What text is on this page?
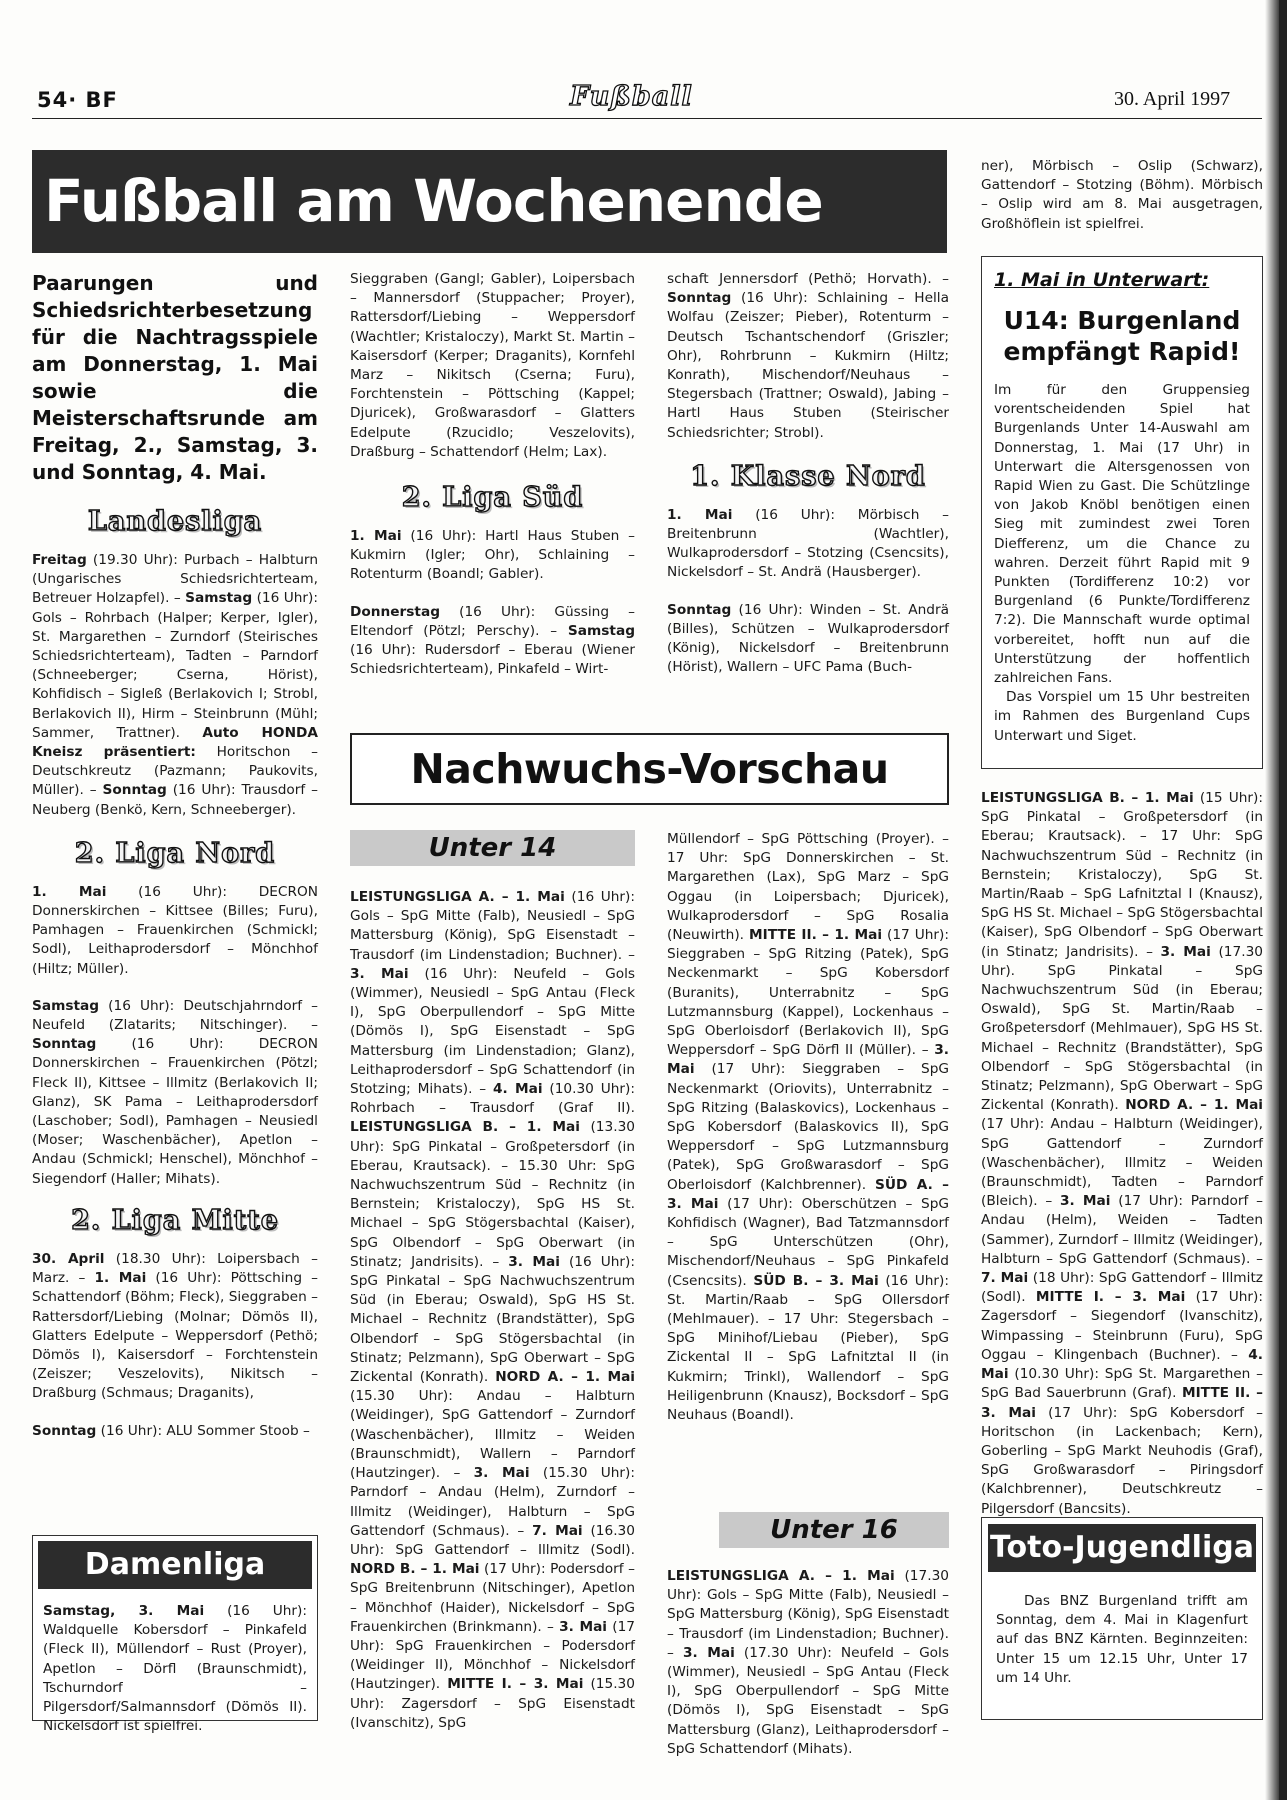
54· BF	Fußball	30. April 1997
Fußball am Wochenende
Paarungen und Schiedsrichterbesetzung für die Nachtragsspiele am Donnerstag, 1. Mai sowie die Meisterschaftsrunde am Freitag, 2., Samstag, 3. und Sonntag, 4. Mai.
Landesliga

Freitag (19.30 Uhr): Purbach – Halbturn (Ungarisches Schiedsrichterteam, Betreuer Holzapfel). – Samstag (16 Uhr): Gols – Rohrbach (Halper; Kerper, Igler), St. Margarethen – Zurndorf (Steirisches Schiedsrichterteam), Tadten – Parndorf (Schneeberger; Cserna, Hörist), Kohfidisch – Sigleß (Berlakovich I; Strobl, Berlakovich II), Hirm – Steinbrunn (Mühl; Sammer, Trattner). Auto HONDA Kneisz präsentiert: Horitschon – Deutschkreutz (Pazmann; Paukovits, Müller). – Sonntag (16 Uhr): Trausdorf – Neuberg (Benkö, Kern, Schneeberger).

2. Liga Nord

1. Mai (16 Uhr): DECRON Donnerskirchen – Kittsee (Billes; Furu), Pamhagen – Frauenkirchen (Schmickl; Sodl), Leithaprodersdorf – Mönchhof (Hiltz; Müller).

Samstag (16 Uhr): Deutschjahrndorf – Neufeld (Zlatarits; Nitschinger). – Sonntag (16 Uhr): DECRON Donnerskirchen – Frauenkirchen (Pötzl; Fleck II), Kittsee – Illmitz (Berlakovich II; Glanz), SK Pama – Leithaprodersdorf (Laschober; Sodl), Pamhagen – Neusiedl (Moser; Waschenbächer), Apetlon – Andau (Schmickl; Henschel), Mönchhof – Siegendorf (Haller; Mihats).

2. Liga Mitte

30. April (18.30 Uhr): Loipersbach – Marz. – 1. Mai (16 Uhr): Pöttsching – Schattendorf (Böhm; Fleck), Sieggraben – Rattersdorf/Liebing (Molnar; Dömös II), Glatters Edelpute – Weppersdorf (Pethö; Dömös I), Kaisersdorf – Forchtenstein (Zeiszer; Veszelovits), Nikitsch – Draßburg (Schmaus; Draganits),

Sonntag (16 Uhr): ALU Sommer Stoob –

Damenliga

Samstag, 3. Mai (16 Uhr): Waldquelle Kobersdorf – Pinkafeld (Fleck II), Müllendorf – Rust (Proyer), Apetlon – Dörfl (Braunschmidt), Tschurndorf – Pilgersdorf/Salmannsdorf (Dömös II). Nickelsdorf ist spielfrei.

Sieggraben (Gangl; Gabler), Loipersbach – Mannersdorf (Stuppacher; Proyer), Rattersdorf/Liebing – Weppersdorf (Wachtler; Kristaloczy), Markt St. Martin – Kaisersdorf (Kerper; Draganits), Kornfehl Marz – Nikitsch (Cserna; Furu), Forchtenstein – Pöttsching (Kappel; Djuricek), Großwarasdorf – Glatters Edelpute (Rzucidlo; Veszelovits), Draßburg – Schattendorf (Helm; Lax).

2. Liga Süd

1. Mai (16 Uhr): Hartl Haus Stuben – Kukmirn (Igler; Ohr), Schlaining – Rotenturm (Boandl; Gabler).

Donnerstag (16 Uhr): Güssing – Eltendorf (Pötzl; Perschy). – Samstag (16 Uhr): Rudersdorf – Eberau (Wiener Schiedsrichterteam), Pinkafeld – Wirt-

schaft Jennersdorf (Pethö; Horvath). – Sonntag (16 Uhr): Schlaining – Hella Wolfau (Zeiszer; Pieber), Rotenturm – Deutsch Tschantschendorf (Griszler; Ohr), Rohrbrunn – Kukmirn (Hiltz; Konrath), Mischendorf/Neuhaus – Stegersbach (Trattner; Oswald), Jabing – Hartl Haus Stuben (Steirischer Schiedsrichter; Strobl).

1. Klasse Nord

1. Mai (16 Uhr): Mörbisch – Breitenbrunn (Wachtler), Wulkaprodersdorf – Stotzing (Csencsits), Nickelsdorf – St. Andrä (Hausberger).

Sonntag (16 Uhr): Winden – St. Andrä (Billes), Schützen – Wulkaprodersdorf (König), Nickelsdorf – Breitenbrunn (Hörist), Wallern – UFC Pama (Buch-

Nachwuchs-Vorschau
Unter 14

LEISTUNGSLIGA A. – 1. Mai (16 Uhr): Gols – SpG Mitte (Falb), Neusiedl – SpG Mattersburg (König), SpG Eisenstadt – Trausdorf (im Lindenstadion; Buchner). – 3. Mai (16 Uhr): Neufeld – Gols (Wimmer), Neusiedl – SpG Antau (Fleck I), SpG Oberpullendorf – SpG Mitte (Dömös I), SpG Eisenstadt – SpG Mattersburg (im Lindenstadion; Glanz), Leithaprodersdorf – SpG Schattendorf (in Stotzing; Mihats). – 4. Mai (10.30 Uhr): Rohrbach – Trausdorf (Graf II). LEISTUNGSLIGA B. – 1. Mai (13.30 Uhr): SpG Pinkatal – Großpetersdorf (in Eberau, Krautsack). – 15.30 Uhr: SpG Nachwuchszentrum Süd – Rechnitz (in Bernstein; Kristaloczy), SpG HS St. Michael – SpG Stögersbachtal (Kaiser), SpG Olbendorf – SpG Oberwart (in Stinatz; Jandrisits). – 3. Mai (16 Uhr): SpG Pinkatal – SpG Nachwuchszentrum Süd (in Eberau; Oswald), SpG HS St. Michael – Rechnitz (Brandstätter), SpG Olbendorf – SpG Stögersbachtal (in Stinatz; Pelzmann), SpG Oberwart – SpG Zickental (Konrath). NORD A. – 1. Mai (15.30 Uhr): Andau – Halbturn (Weidinger), SpG Gattendorf – Zurndorf (Waschenbächer), Illmitz – Weiden (Braunschmidt), Wallern – Parndorf (Hautzinger). – 3. Mai (15.30 Uhr): Parndorf – Andau (Helm), Zurndorf – Illmitz (Weidinger), Halbturn – SpG Gattendorf (Schmaus). – 7. Mai (16.30 Uhr): SpG Gattendorf – Illmitz (Sodl). NORD B. – 1. Mai (17 Uhr): Podersdorf – SpG Breitenbrunn (Nitschinger), Apetlon – Mönchhof (Haider), Nickelsdorf – SpG Frauenkirchen (Brinkmann). – 3. Mai (17 Uhr): SpG Frauenkirchen – Podersdorf (Weidinger II), Mönchhof – Nickelsdorf (Hautzinger). MITTE I. – 3. Mai (15.30 Uhr): Zagersdorf – SpG Eisenstadt (Ivanschitz), SpG

Müllendorf – SpG Pöttsching (Proyer). – 17 Uhr: SpG Donnerskirchen – St. Margarethen (Lax), SpG Marz – SpG Oggau (in Loipersbach; Djuricek), Wulkaprodersdorf – SpG Rosalia (Neuwirth). MITTE II. – 1. Mai (17 Uhr): Sieggraben – SpG Ritzing (Patek), SpG Neckenmarkt – SpG Kobersdorf (Buranits), Unterrabnitz – SpG Lutzmannsburg (Kappel), Lockenhaus – SpG Oberloisdorf (Berlakovich II), SpG Weppersdorf – SpG Dörfl II (Müller). – 3. Mai (17 Uhr): Sieggraben – SpG Neckenmarkt (Oriovits), Unterrabnitz – SpG Ritzing (Balaskovics), Lockenhaus – SpG Kobersdorf (Balaskovics II), SpG Weppersdorf – SpG Lutzmannsburg (Patek), SpG Großwarasdorf – SpG Oberloisdorf (Kalchbrenner). SÜD A. – 3. Mai (17 Uhr): Oberschützen – SpG Kohfidisch (Wagner), Bad Tatzmannsdorf – SpG Unterschützen (Ohr), Mischendorf/Neuhaus – SpG Pinkafeld (Csencsits). SÜD B. – 3. Mai (16 Uhr): St. Martin/Raab – SpG Ollersdorf (Mehlmauer). – 17 Uhr: Stegersbach – SpG Minihof/Liebau (Pieber), SpG Zickental II – SpG Lafnitztal II (in Kukmirn; Trinkl), Wallendorf – SpG Heiligenbrunn (Knausz), Bocksdorf – SpG Neuhaus (Boandl).

Unter 16

LEISTUNGSLIGA A. – 1. Mai (17.30 Uhr): Gols – SpG Mitte (Falb), Neusiedl – SpG Mattersburg (König), SpG Eisenstadt – Trausdorf (im Lindenstadion; Buchner). – 3. Mai (17.30 Uhr): Neufeld – Gols (Wimmer), Neusiedl – SpG Antau (Fleck I), SpG Oberpullendorf – SpG Mitte (Dömös I), SpG Eisenstadt – SpG Mattersburg (Glanz), Leithaprodersdorf – SpG Schattendorf (Mihats).

ner), Mörbisch – Oslip (Schwarz), Gattendorf – Stotzing (Böhm). Mörbisch – Oslip wird am 8. Mai ausgetragen, Großhöflein ist spielfrei.

1. Mai in Unterwart:
U14: Burgenland empfängt Rapid!
Im für den Gruppensieg vorentscheidenden Spiel hat Burgenlands Unter 14-Auswahl am Donnerstag, 1. Mai (17 Uhr) in Unterwart die Altersgenossen von Rapid Wien zu Gast. Die Schützlinge von Jakob Knöbl benötigen einen Sieg mit zumindest zwei Toren Diefferenz, um die Chance zu wahren. Derzeit führt Rapid mit 9 Punkten (Tordifferenz 10:2) vor Burgenland (6 Punkte/Tordifferenz 7:2). Die Mannschaft wurde optimal vorbereitet, hofft nun auf die Unterstützung der hoffentlich zahlreichen Fans.
Das Vorspiel um 15 Uhr bestreiten im Rahmen des Burgenland Cups Unterwart und Siget.

LEISTUNGSLIGA B. – 1. Mai (15 Uhr): SpG Pinkatal – Großpetersdorf (in Eberau; Krautsack). – 17 Uhr: SpG Nachwuchszentrum Süd – Rechnitz (in Bernstein; Kristaloczy), SpG St. Martin/Raab – SpG Lafnitztal I (Knausz), SpG HS St. Michael – SpG Stögersbachtal (Kaiser), SpG Olbendorf – SpG Oberwart (in Stinatz; Jandrisits). – 3. Mai (17.30 Uhr). SpG Pinkatal – SpG Nachwuchszentrum Süd (in Eberau; Oswald), SpG St. Martin/Raab – Großpetersdorf (Mehlmauer), SpG HS St. Michael – Rechnitz (Brandstätter), SpG Olbendorf – SpG Stögersbachtal (in Stinatz; Pelzmann), SpG Oberwart – SpG Zickental (Konrath). NORD A. – 1. Mai (17 Uhr): Andau – Halbturn (Weidinger), SpG Gattendorf – Zurndorf (Waschenbächer), Illmitz – Weiden (Braunschmidt), Tadten – Parndorf (Bleich). – 3. Mai (17 Uhr): Parndorf – Andau (Helm), Weiden – Tadten (Sammer), Zurndorf – Illmitz (Weidinger), Halbturn – SpG Gattendorf (Schmaus). – 7. Mai (18 Uhr): SpG Gattendorf – Illmitz (Sodl). MITTE I. – 3. Mai (17 Uhr): Zagersdorf – Siegendorf (Ivanschitz), Wimpassing – Steinbrunn (Furu), SpG Oggau – Klingenbach (Buchner). – 4. Mai (10.30 Uhr): SpG St. Margarethen – SpG Bad Sauerbrunn (Graf). MITTE II. – 3. Mai (17 Uhr): SpG Kobersdorf – Horitschon (in Lackenbach; Kern), Goberling – SpG Markt Neuhodis (Graf), SpG Großwarasdorf – Piringsdorf (Kalchbrenner), Deutschkreutz – Pilgersdorf (Bancsits).

Toto-Jugendliga
Das BNZ Burgenland trifft am Sonntag, dem 4. Mai in Klagenfurt auf das BNZ Kärnten. Beginnzeiten: Unter 15 um 12.15 Uhr, Unter 17 um 14 Uhr.
